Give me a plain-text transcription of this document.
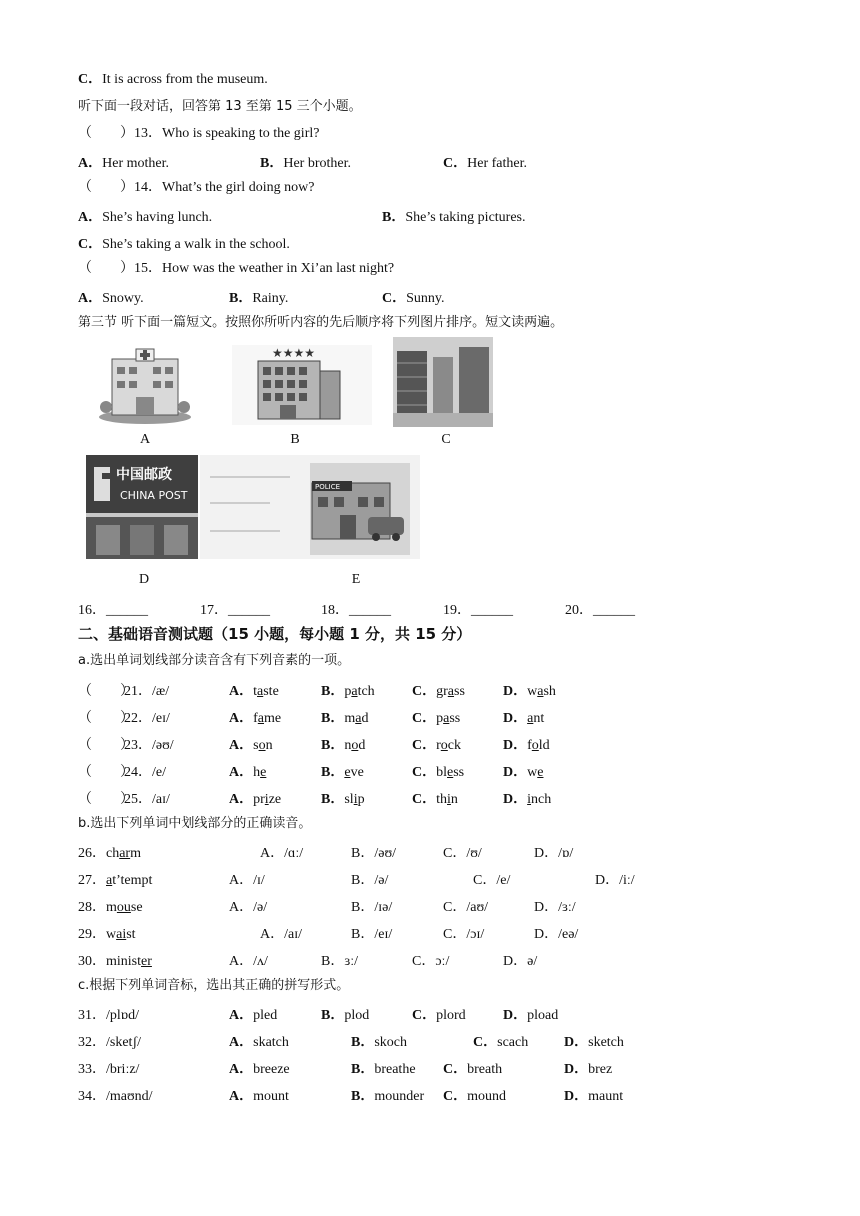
C．It is across from the museum.
听下面一段对话，回答第 13 至第 15 三个小题。
（　　）13．Who is speaking to the girl?
A．Her mother.	B．Her brother.	C．Her father.
（　　）14．What’s the girl doing now?
A．She’s having lunch.	B．She’s taking pictures.
C．She’s taking a walk in the school.
（　　）15．How was the weather in Xi’an last night?
A．Snowy.	B．Rainy.	C．Sunny.
第三节 听下面一篇短文。按照你所听内容的先后顺序将下列图片排序。短文读两遍。
A
★★★★
B	C
中国邮政
CHINA POST
D
POLICE
E
16．______	17．______	18．______	19．______	20．______
二、基础语音测试题（15 小题，每小题 1 分，共 15 分）
a.选出单词划线部分读音含有下列音素的一项。
b.选出下列单词中划线部分的正确读音。
c.根据下列单词音标，选出其正确的拼写形式。
（　　）
21．/æ/	A．taste	B．patch	C．grass	D．wash
（　　）
22．/eɪ/	A．fame	B．mad	C．pass	D．ant
（　　）
23．/əʊ/	A．son	B．nod	C．rock	D．fold
（　　）
24．/e/	A．he	B．eve	C．bless	D．we
（　　）
25．/aɪ/	A．prize	B．slip	C．thin	D．inch
26．charm	A．/ɑː/	B．/əʊ/	C．/ʊ/	D．/ɒ/
27．at’tempt	A．/ɪ/	B．/ə/	C．/e/	D．/iː/
28．mouse	A．/ə/	B．/ɪə/	C．/aʊ/	D．/ɜː/
29．waist	A．/aɪ/	B．/eɪ/	C．/ɔɪ/	D．/eə/
30．minister	A．/ʌ/	B．ɜː/	C．ɔː/	D．ə/
31．/plɒd/	A．pled	B．plod	C．plord	D．pload
32．/sketʃ/	A．skatch	B．skoch	C．scach	D．sketch
33．/briːz/	A．breeze	B．breathe C．breath	D．brez
34．/maʊnd/	A．mount	B．mounder C．mound	D．maunt
